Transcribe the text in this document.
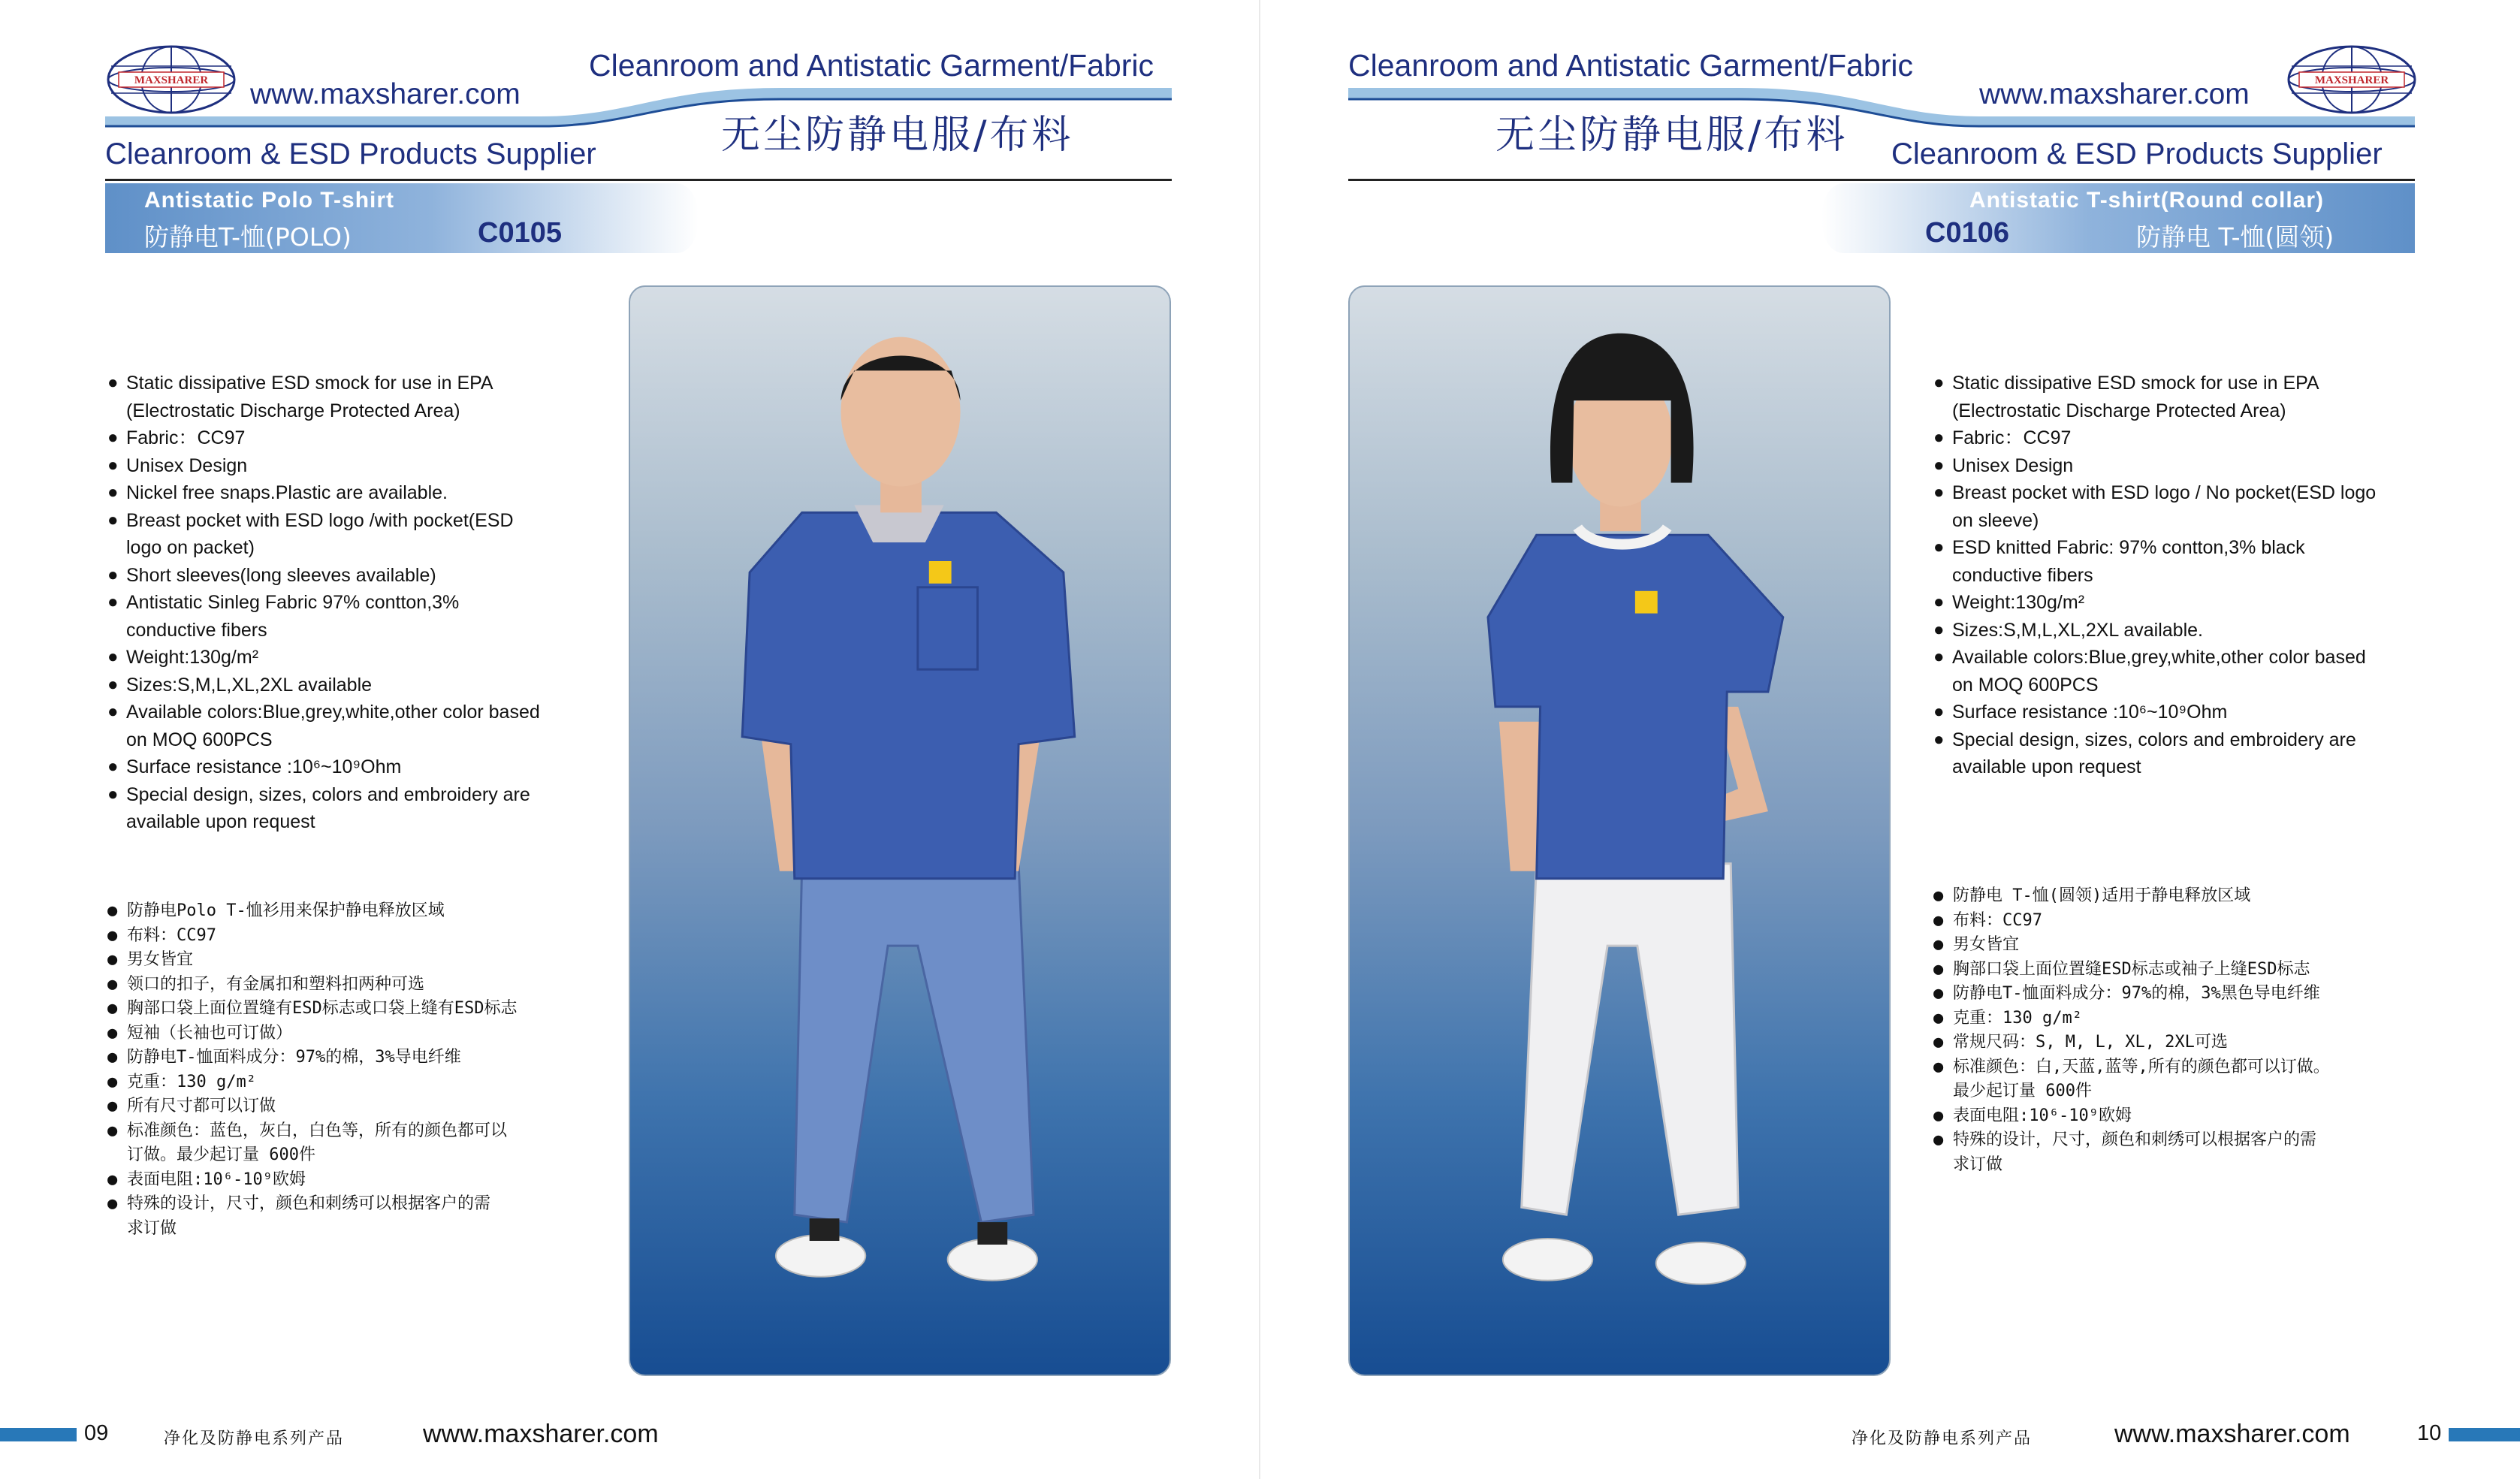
MAXSHARER www.maxsharer.com
Cleanroom and Antistatic Garment/Fabric
无尘防静电服/布料
Cleanroom & ESD Products Supplier
Antistatic Polo T-shirt
防静电T-恤(POLO)	C0105
● Static dissipative ESD smock for use in EPA
(Electrostatic Discharge Protected Area)
● Fabric：CC97
● Unisex Design
● Nickel free snaps.Plastic are available.
● Breast pocket with ESD logo /with pocket(ESD
logo on packet)
● Short sleeves(long sleeves available)
● Antistatic Sinleg Fabric 97% contton,3%
conductive fibers
● Weight:130g/m²
● Sizes:S,M,L,XL,2XL available
● Available colors:Blue,grey,white,other color based
on MOQ 600PCS
● Surface resistance :10⁶~10⁹Ohm
● Special design, sizes, colors and embroidery are
available upon request
● 防静电Polo T-恤衫用来保护静电释放区域
● 布料：CC97
● 男女皆宜
● 领口的扣子，有金属扣和塑料扣两种可选
● 胸部口袋上面位置缝有ESD标志或口袋上缝有ESD标志
● 短袖（长袖也可订做）
● 防静电T-恤面料成分：97%的棉，3%导电纤维
● 克重：130 g/m²
● 所有尺寸都可以订做
● 标准颜色：蓝色，灰白，白色等，所有的颜色都可以
订做。最少起订量 600件
● 表面电阻:10⁶-10⁹欧姆
● 特殊的设计，尺寸，颜色和刺绣可以根据客户的需
求订做
09	净化及防静电系列产品	www.maxsharer.com
MAXSHARER
www.maxsharer.com
Cleanroom and Antistatic Garment/Fabric
无尘防静电服/布料 Cleanroom & ESD Products Supplier
Antistatic T-shirt(Round collar)
防静电 T-恤(圆领)
C0106
● Static dissipative ESD smock for use in EPA
(Electrostatic Discharge Protected Area)
● Fabric：CC97
● Unisex Design
● Breast pocket with ESD logo / No pocket(ESD logo
on sleeve)
● ESD knitted Fabric: 97% contton,3% black
conductive fibers
● Weight:130g/m²
● Sizes:S,M,L,XL,2XL available.
● Available colors:Blue,grey,white,other color based
on MOQ 600PCS
● Surface resistance :10⁶~10⁹Ohm
● Special design, sizes, colors and embroidery are
available upon request
● 防静电 T-恤(圆领)适用于静电释放区域
● 布料：CC97
● 男女皆宜
● 胸部口袋上面位置缝ESD标志或袖子上缝ESD标志
● 防静电T-恤面料成分：97%的棉，3%黑色导电纤维
● 克重：130 g/m²
● 常规尺码：S, M, L, XL, 2XL可选
● 标准颜色：白,天蓝,蓝等,所有的颜色都可以订做。
最少起订量 600件
● 表面电阻:10⁶-10⁹欧姆
● 特殊的设计，尺寸，颜色和刺绣可以根据客户的需
求订做
净化及防静电系列产品	www.maxsharer.com	10
